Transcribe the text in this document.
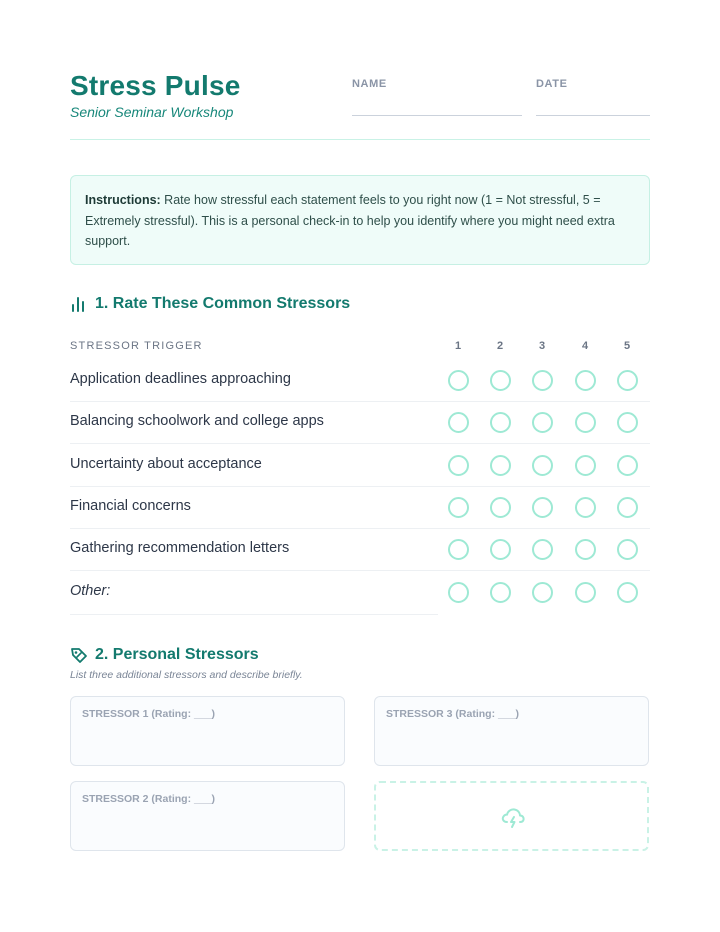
Stress Pulse
Senior Seminar Workshop
NAME	DATE
Instructions: Rate how stressful each statement feels to you right now (1 = Not stressful, 5 = Extremely stressful). This is a personal check-in to help you identify where you might need extra support.
1. Rate These Common Stressors
STRESSOR TRIGGER	1	2	3	4	5
Application deadlines approaching
Balancing schoolwork and college apps
Uncertainty about acceptance
Financial concerns
Gathering recommendation letters
Other:
2. Personal Stressors
List three additional stressors and describe briefly.
STRESSOR 1 (Rating: ___)	STRESSOR 3 (Rating: ___)
STRESSOR 2 (Rating: ___)
